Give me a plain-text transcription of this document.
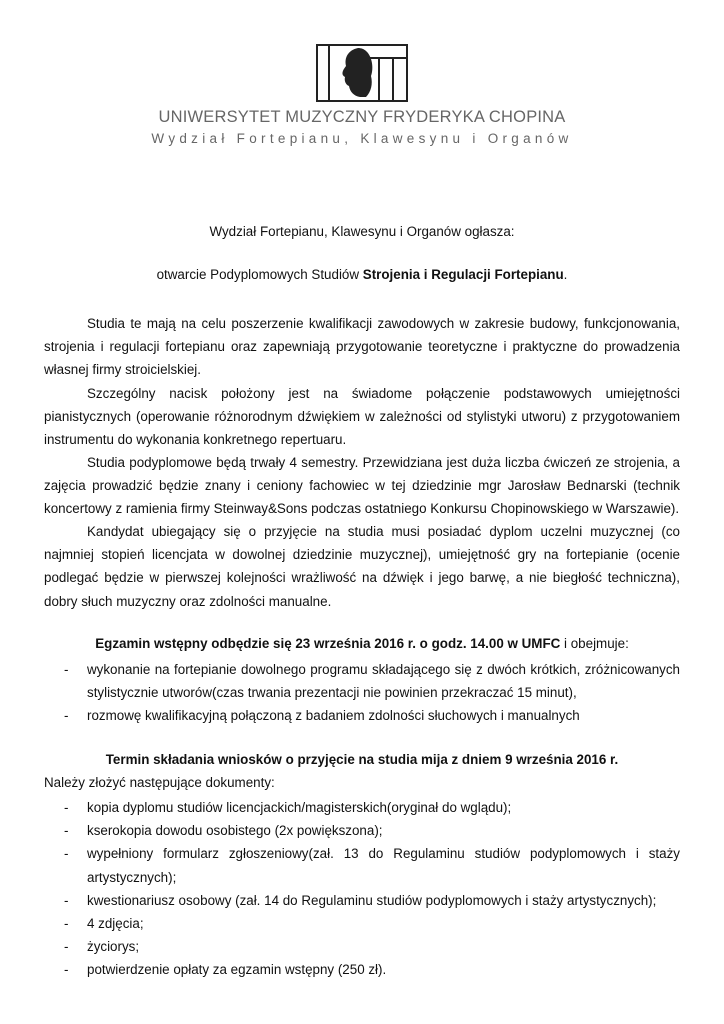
UNIWERSYTET MUZYCZNY FRYDERYKA CHOPINA
Wydział Fortepianu, Klawesynu i Organów
Wydział Fortepianu, Klawesynu i Organów ogłasza:
otwarcie Podyplomowych Studiów Strojenia i Regulacji Fortepianu.

Studia te mają na celu poszerzenie kwalifikacji zawodowych w zakresie budowy, funkcjonowania, strojenia i regulacji fortepianu oraz zapewniają przygotowanie teoretyczne i praktyczne do prowadzenia własnej firmy stroicielskiej.

Szczególny nacisk położony jest na świadome połączenie podstawowych umiejętności pianistycznych (operowanie różnorodnym dźwiękiem w zależności od stylistyki utworu) z przygotowaniem instrumentu do wykonania konkretnego repertuaru.

Studia podyplomowe będą trwały 4 semestry. Przewidziana jest duża liczba ćwiczeń ze strojenia, a zajęcia prowadzić będzie znany i ceniony fachowiec w tej dziedzinie mgr Jarosław Bednarski (technik koncertowy z ramienia firmy Steinway&Sons podczas ostatniego Konkursu Chopinowskiego w Warszawie).

Kandydat ubiegający się o przyjęcie na studia musi posiadać dyplom uczelni muzycznej (co najmniej stopień licencjata w dowolnej dziedzinie muzycznej), umiejętność gry na fortepianie (ocenie podlegać będzie w pierwszej kolejności wrażliwość na dźwięk i jego barwę, a nie biegłość techniczna), dobry słuch muzyczny oraz zdolności manualne.

Egzamin wstępny odbędzie się 23 września 2016 r. o godz. 14.00 w UMFC i obejmuje:
- wykonanie na fortepianie dowolnego programu składającego się z dwóch krótkich, zróżnicowanych stylistycznie utworów(czas trwania prezentacji nie powinien przekraczać 15 minut),
- rozmowę kwalifikacyjną połączoną z badaniem zdolności słuchowych i manualnych
Termin składania wniosków o przyjęcie na studia mija z dniem 9 września 2016 r.
Należy złożyć następujące dokumenty:
- kopia dyplomu studiów licencjackich/magisterskich(oryginał do wglądu);
- kserokopia dowodu osobistego (2x powiększona);
- wypełniony formularz zgłoszeniowy(zał. 13 do Regulaminu studiów podyplomowych i staży artystycznych);
- kwestionariusz osobowy (zał. 14 do Regulaminu studiów podyplomowych i staży artystycznych);
- 4 zdjęcia;
- życiorys;
- potwierdzenie opłaty za egzamin wstępny (250 zł).
